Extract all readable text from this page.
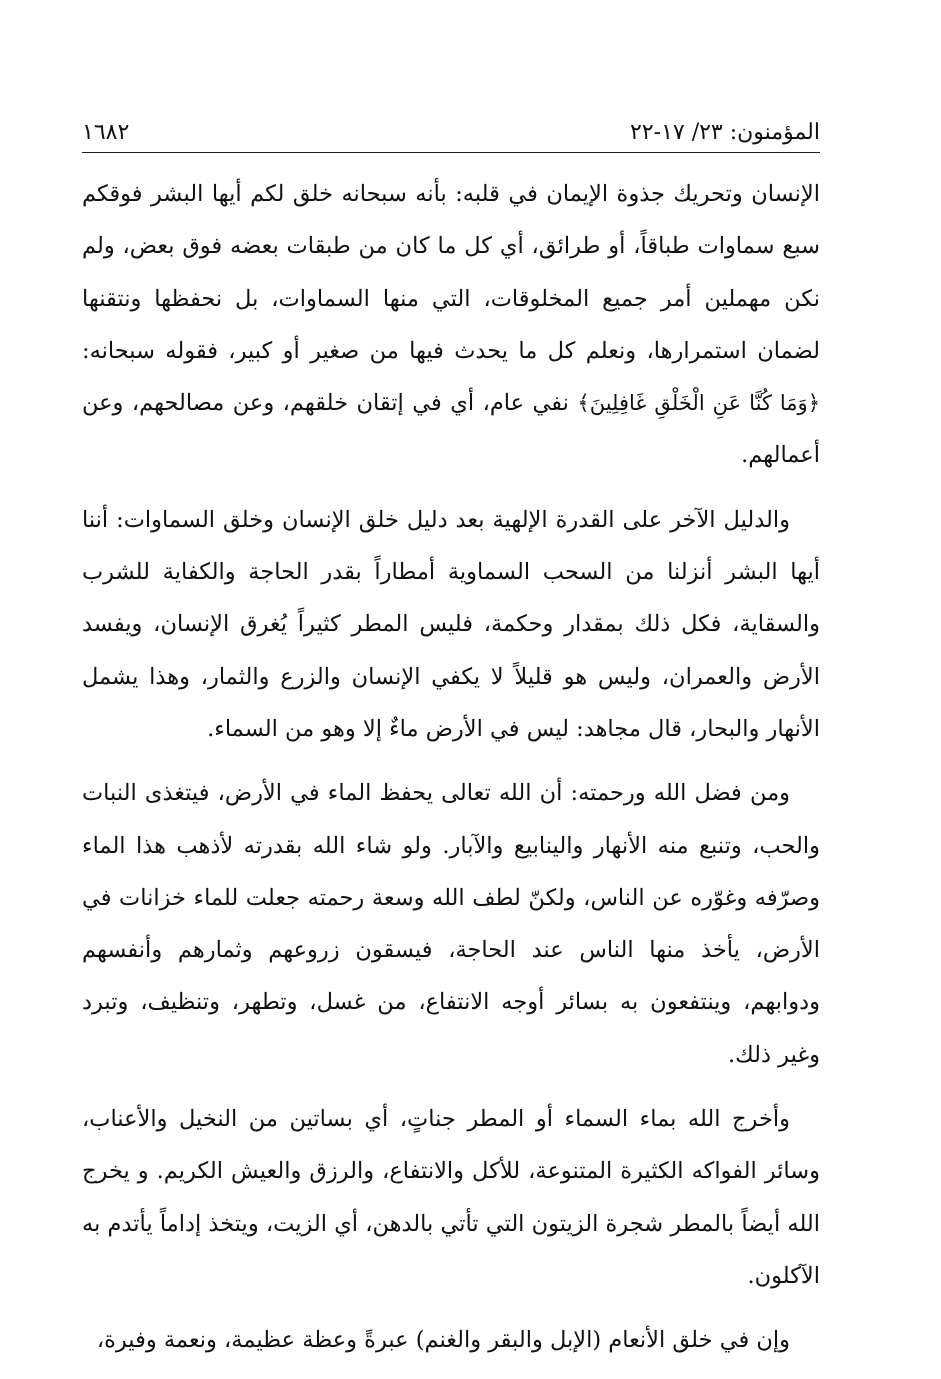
المؤمنون: ٢٣/ ١٧-٢٢
١٦٨٢

الإنسان وتحريك جذوة الإيمان في قلبه: بأنه سبحانه خلق لكم أيها البشر فوقكم سبع سماوات طباقاً، أو طرائق، أي كل ما كان من طبقات بعضه فوق بعض، ولم نكن مهملين أمر جميع المخلوقات، التي منها السماوات، بل نحفظها ونتقنها لضمان استمرارها، ونعلم كل ما يحدث فيها من صغير أو كبير، فقوله سبحانه: ﴿وَمَا كُنَّا عَنِ الْخَلْقِ غَافِلِينَ﴾ نفي عام، أي في إتقان خلقهم، وعن مصالحهم، وعن أعمالهم.

والدليل الآخر على القدرة الإلهية بعد دليل خلق الإنسان وخلق السماوات: أننا أيها البشر أنزلنا من السحب السماوية أمطاراً بقدر الحاجة والكفاية للشرب والسقاية، فكل ذلك بمقدار وحكمة، فليس المطر كثيراً يُغرق الإنسان، ويفسد الأرض والعمران، وليس هو قليلاً لا يكفي الإنسان والزرع والثمار، وهذا يشمل الأنهار والبحار، قال مجاهد: ليس في الأرض ماءٌ إلا وهو من السماء.

ومن فضل الله ورحمته: أن الله تعالى يحفظ الماء في الأرض، فيتغذى النبات والحب، وتنبع منه الأنهار والينابيع والآبار. ولو شاء الله بقدرته لأذهب هذا الماء وصرّفه وغوّره عن الناس، ولكنّ لطف الله وسعة رحمته جعلت للماء خزانات في الأرض، يأخذ منها الناس عند الحاجة، فيسقون زروعهم وثمارهم وأنفسهم ودوابهم، وينتفعون به بسائر أوجه الانتفاع، من غسل، وتطهر، وتنظيف، وتبرد وغير ذلك.

وأخرج الله بماء السماء أو المطر جناتٍ، أي بساتين من النخيل والأعناب، وسائر الفواكه الكثيرة المتنوعة، للأكل والانتفاع، والرزق والعيش الكريم. و يخرج الله أيضاً بالمطر شجرة الزيتون التي تأتي بالدهن، أي الزيت، ويتخذ إداماً يأتدم به الآكلون.

وإن في خلق الأنعام (الإبل والبقر والغنم) عبرةً وعظة عظيمة، ونعمة وفيرة،
